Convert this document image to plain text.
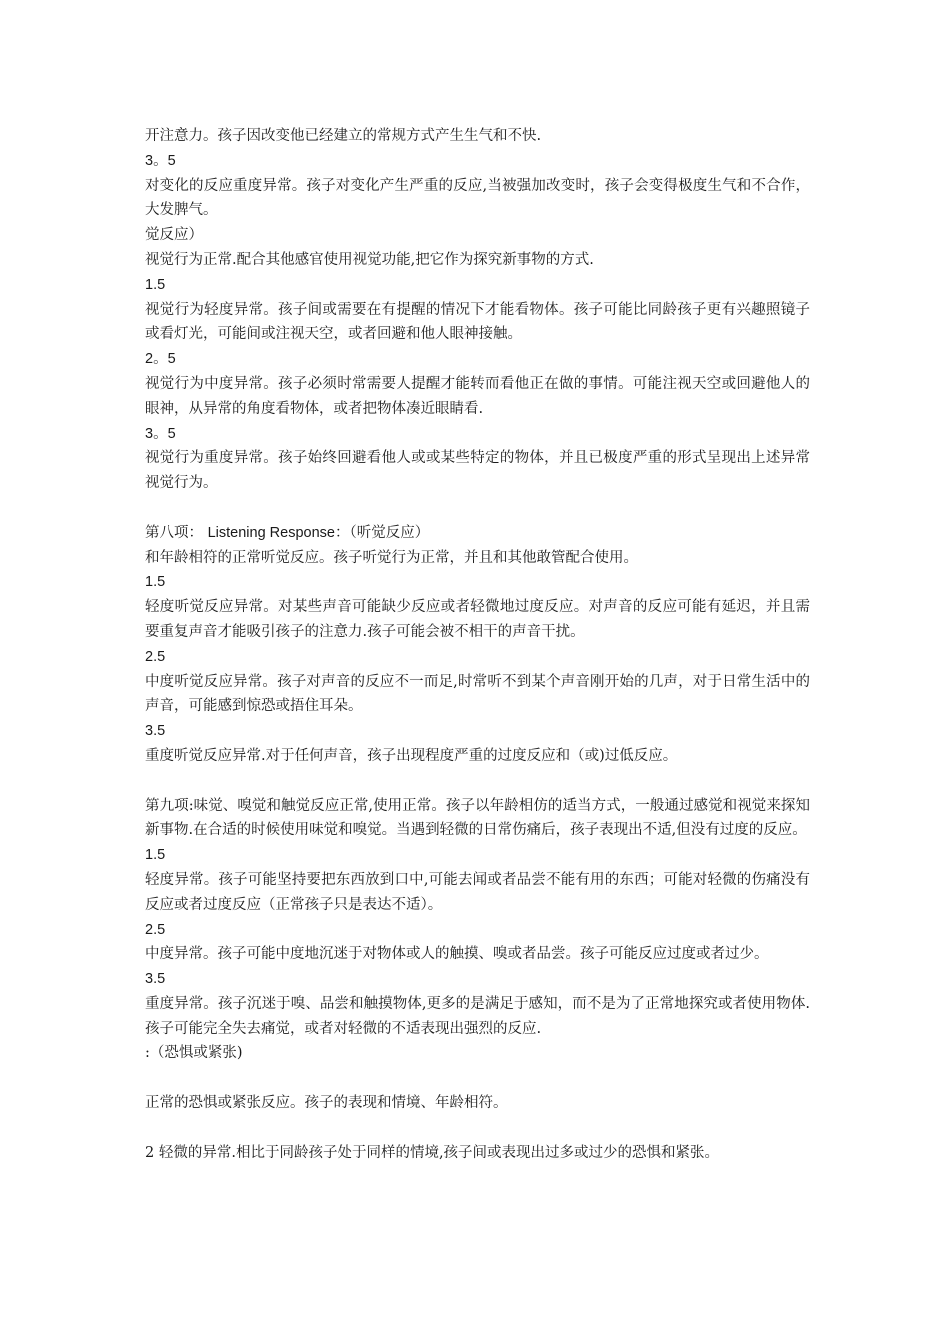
开注意力。孩子因改变他已经建立的常规方式产生生气和不快.

3。5

对变化的反应重度异常。孩子对变化产生严重的反应,当被强加改变时，孩子会变得极度生气和不合作，大发脾气。

觉反应）

视觉行为正常.配合其他感官使用视觉功能,把它作为探究新事物的方式.

1.5

视觉行为轻度异常。孩子间或需要在有提醒的情况下才能看物体。孩子可能比同龄孩子更有兴趣照镜子或看灯光，可能间或注视天空，或者回避和他人眼神接触。

2。5

视觉行为中度异常。孩子必须时常需要人提醒才能转而看他正在做的事情。可能注视天空或回避他人的眼神，从异常的角度看物体，或者把物体凑近眼睛看.

3。5

视觉行为重度异常。孩子始终回避看他人或或某些特定的物体，并且已极度严重的形式呈现出上述异常视觉行为。

第八项： Listening Response：（听觉反应）

和年龄相符的正常听觉反应。孩子听觉行为正常，并且和其他敢管配合使用。

1.5

轻度听觉反应异常。对某些声音可能缺少反应或者轻微地过度反应。对声音的反应可能有延迟，并且需要重复声音才能吸引孩子的注意力.孩子可能会被不相干的声音干扰。

2.5

中度听觉反应异常。孩子对声音的反应不一而足,时常听不到某个声音刚开始的几声，对于日常生活中的声音，可能感到惊恐或捂住耳朵。

3.5

重度听觉反应异常.对于任何声音，孩子出现程度严重的过度反应和（或)过低反应。

第九项:味觉、嗅觉和触觉反应正常,使用正常。孩子以年龄相仿的适当方式，一般通过感觉和视觉来探知新事物.在合适的时候使用味觉和嗅觉。当遇到轻微的日常伤痛后，孩子表现出不适,但没有过度的反应。

1.5

轻度异常。孩子可能坚持要把东西放到口中,可能去闻或者品尝不能有用的东西；可能对轻微的伤痛没有反应或者过度反应（正常孩子只是表达不适）。

2.5

中度异常。孩子可能中度地沉迷于对物体或人的触摸、嗅或者品尝。孩子可能反应过度或者过少。

3.5

重度异常。孩子沉迷于嗅、品尝和触摸物体,更多的是满足于感知，而不是为了正常地探究或者使用物体.孩子可能完全失去痛觉，或者对轻微的不适表现出强烈的反应.

:（恐惧或紧张)

正常的恐惧或紧张反应。孩子的表现和情境、年龄相符。

2 轻微的异常.相比于同龄孩子处于同样的情境,孩子间或表现出过多或过少的恐惧和紧张。
